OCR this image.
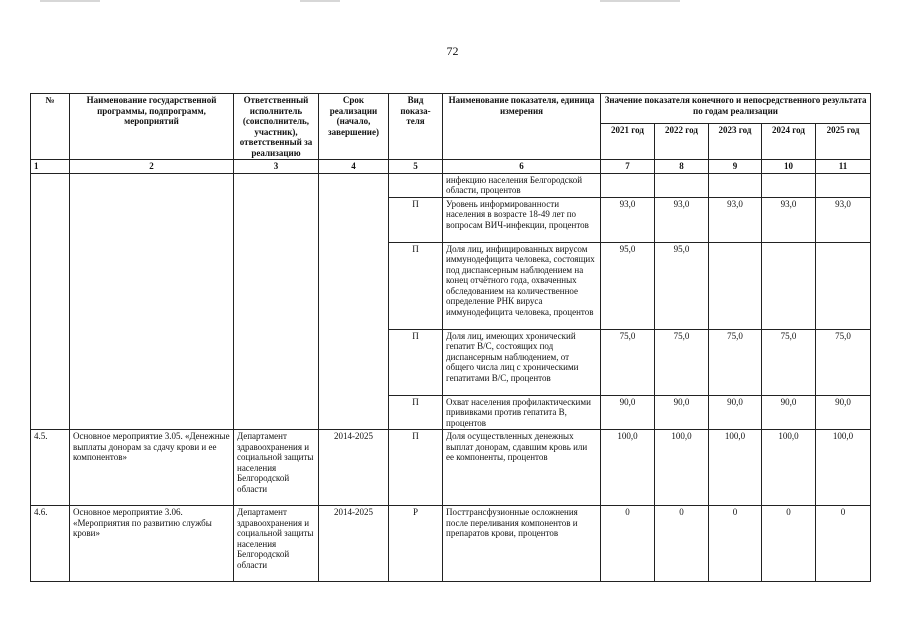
72
№	Наименование государственной программы, подпрограмм, мероприятий	Ответственный исполнитель (соисполнитель, участник), ответственный за реализацию	Срок реализации (начало, завершение)	Вид показа-теля	Наименование показателя, единица измерения	Значение показателя конечного и непосредственного результата по годам реализации				
						2021 год	2022 год	2023 год	2024 год	2025 год
1	2	3	4	5	6	7	8	9	10	11
					инфекцию населения Белгородской области, процентов					
				П	Уровень информированности населения в возрасте 18-49 лет по вопросам ВИЧ-инфекции, процентов	93,0	93,0	93,0	93,0	93,0
				П	Доля лиц, инфицированных вирусом иммунодефицита человека, состоящих под диспансерным наблюдением на конец отчётного года, охваченных обследованием на количественное определение РНК вируса иммунодефицита человека, процентов	95,0	95,0			
				П	Доля лиц, имеющих хронический гепатит В/С, состоящих под диспансерным наблюдением, от общего числа лиц с хроническими гепатитами В/С, процентов	75,0	75,0	75,0	75,0	75,0
				П	Охват населения профилактическими прививками против гепатита В, процентов	90,0	90,0	90,0	90,0	90,0
4.5.	Основное мероприятие 3.05. «Денежные выплаты донорам за сдачу крови и ее компонентов»	Департамент здравоохранения и социальной защиты населения Белгородской области	2014-2025	П	Доля осуществленных денежных выплат донорам, сдавшим кровь или ее компоненты, процентов	100,0	100,0	100,0	100,0	100,0
4.6.	Основное мероприятие 3.06. «Мероприятия по развитию службы крови»	Департамент здравоохранения и социальной защиты населения Белгородской области	2014-2025	Р	Посттрансфузионные осложнения после переливания компонентов и препаратов крови, процентов	0	0	0	0	0
